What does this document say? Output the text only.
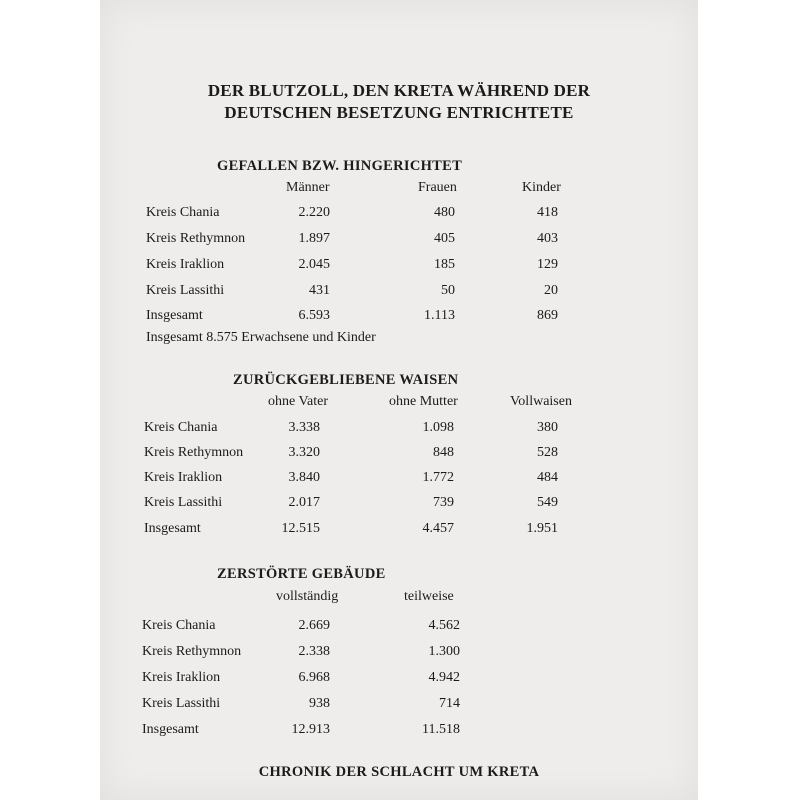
DER BLUTZOLL, DEN KRETA WÄHREND DER
DEUTSCHEN BESETZUNG ENTRICHTETE
GEFALLEN BZW. HINGERICHTET
Männer	Frauen	Kinder
Kreis Chania	2.220	480	418
Kreis Rethymnon	1.897	405	403
Kreis Iraklion	2.045	185	129
Kreis Lassithi	431	50	20
Insgesamt	6.593	1.113	869
Insgesamt 8.575 Erwachsene und Kinder
ZURÜCKGEBLIEBENE WAISEN
ohne Vater	ohne Mutter	Vollwaisen
Kreis Chania	3.338	1.098	380
Kreis Rethymnon	3.320	848	528
Kreis Iraklion	3.840	1.772	484
Kreis Lassithi	2.017	739	549
Insgesamt	12.515	4.457	1.951
ZERSTÖRTE GEBÄUDE
vollständig	teilweise
Kreis Chania	2.669	4.562
Kreis Rethymnon	2.338	1.300
Kreis Iraklion	6.968	4.942
Kreis Lassithi	938	714
Insgesamt	12.913	11.518
CHRONIK DER SCHLACHT UM KRETA
